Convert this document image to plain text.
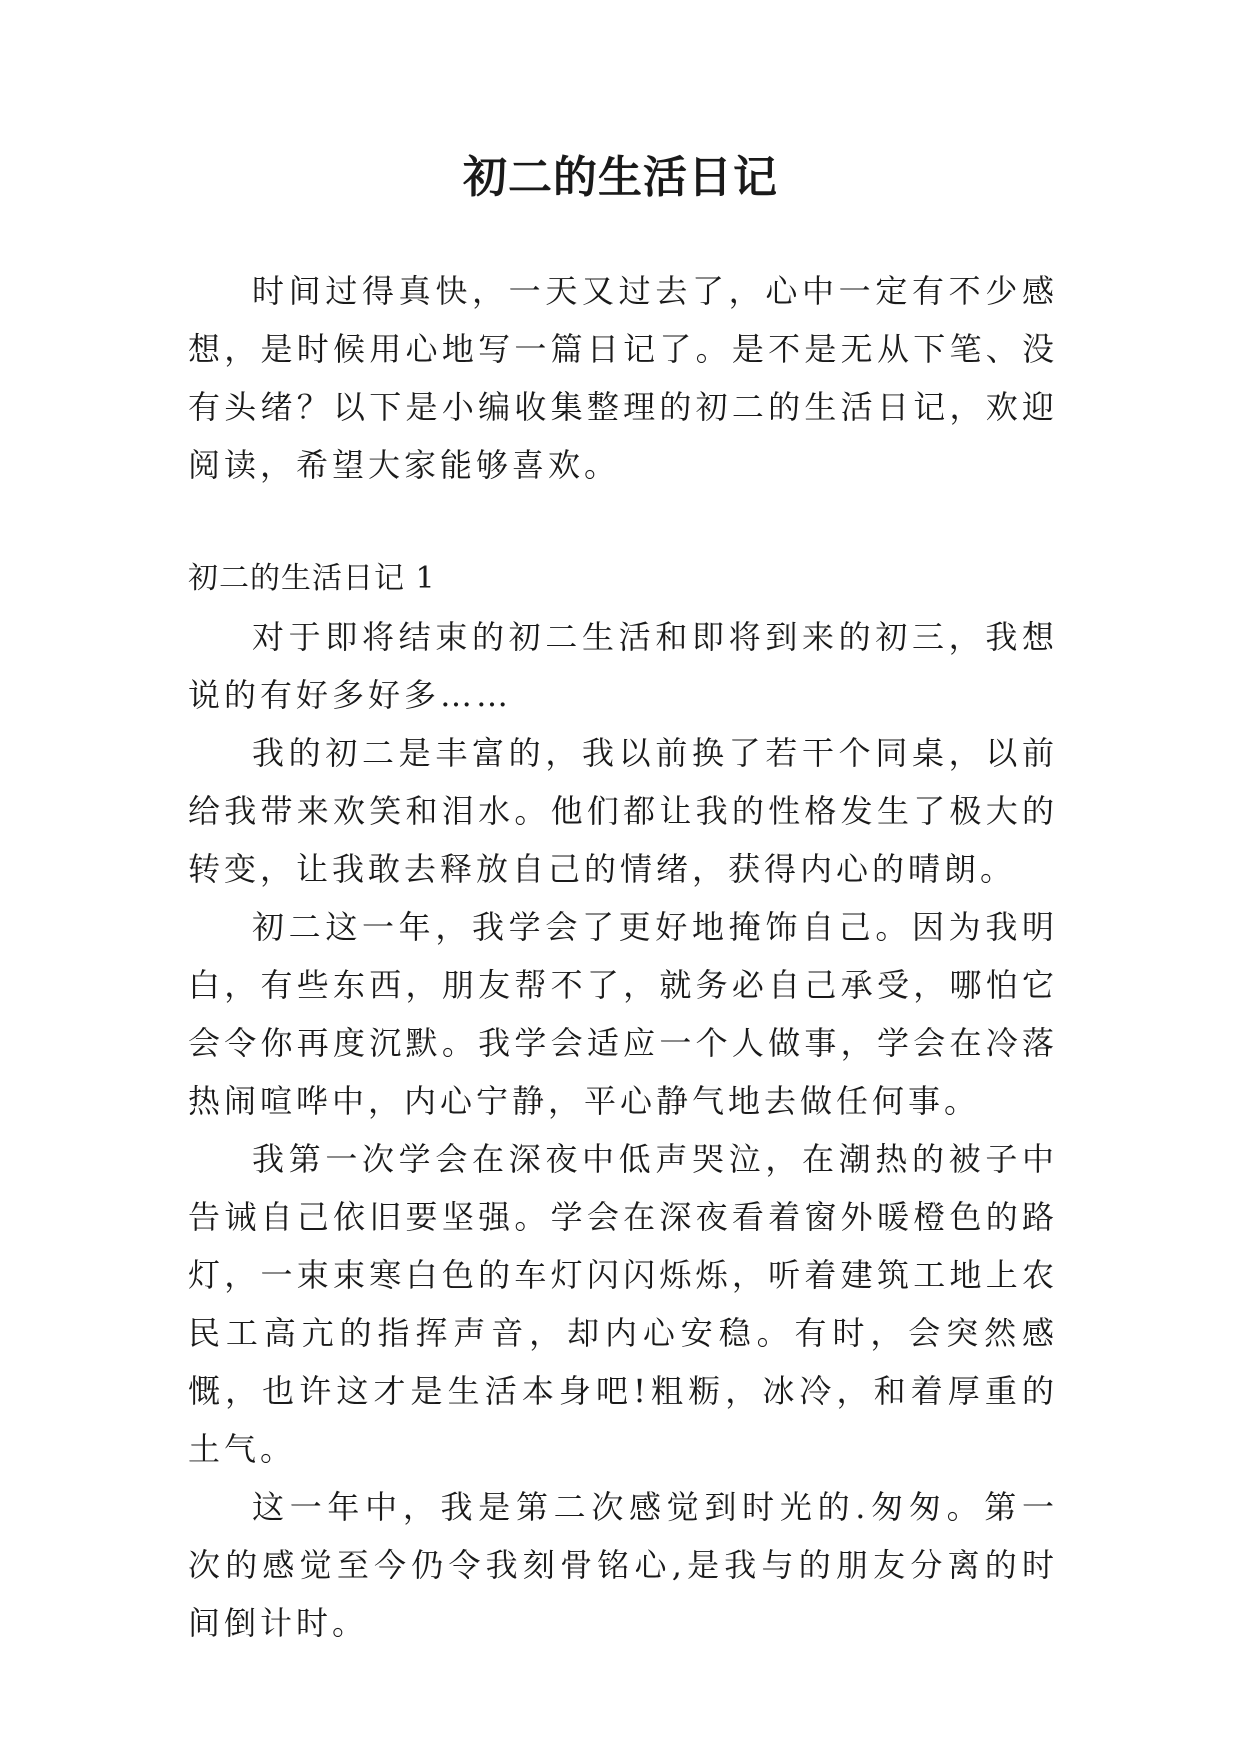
初二的生活日记

时间过得真快，一天又过去了，心中一定有不少感想，是时候用心地写一篇日记了。是不是无从下笔、没有头绪？以下是小编收集整理的初二的生活日记，欢迎阅读，希望大家能够喜欢。

初二的生活日记 1

对于即将结束的初二生活和即将到来的初三，我想说的有好多好多……

我的初二是丰富的，我以前换了若干个同桌，以前给我带来欢笑和泪水。他们都让我的性格发生了极大的转变，让我敢去释放自己的情绪，获得内心的晴朗。

初二这一年，我学会了更好地掩饰自己。因为我明白，有些东西，朋友帮不了，就务必自己承受，哪怕它会令你再度沉默。我学会适应一个人做事，学会在冷落热闹喧哗中，内心宁静，平心静气地去做任何事。

我第一次学会在深夜中低声哭泣，在潮热的被子中告诫自己依旧要坚强。学会在深夜看着窗外暖橙色的路灯，一束束寒白色的车灯闪闪烁烁，听着建筑工地上农民工高亢的指挥声音，却内心安稳。有时，会突然感慨，也许这才是生活本身吧!粗粝，冰冷，和着厚重的土气。

这一年中，我是第二次感觉到时光的.匆匆。第一次的感觉至今仍令我刻骨铭心,是我与的朋友分离的时间倒计时。
